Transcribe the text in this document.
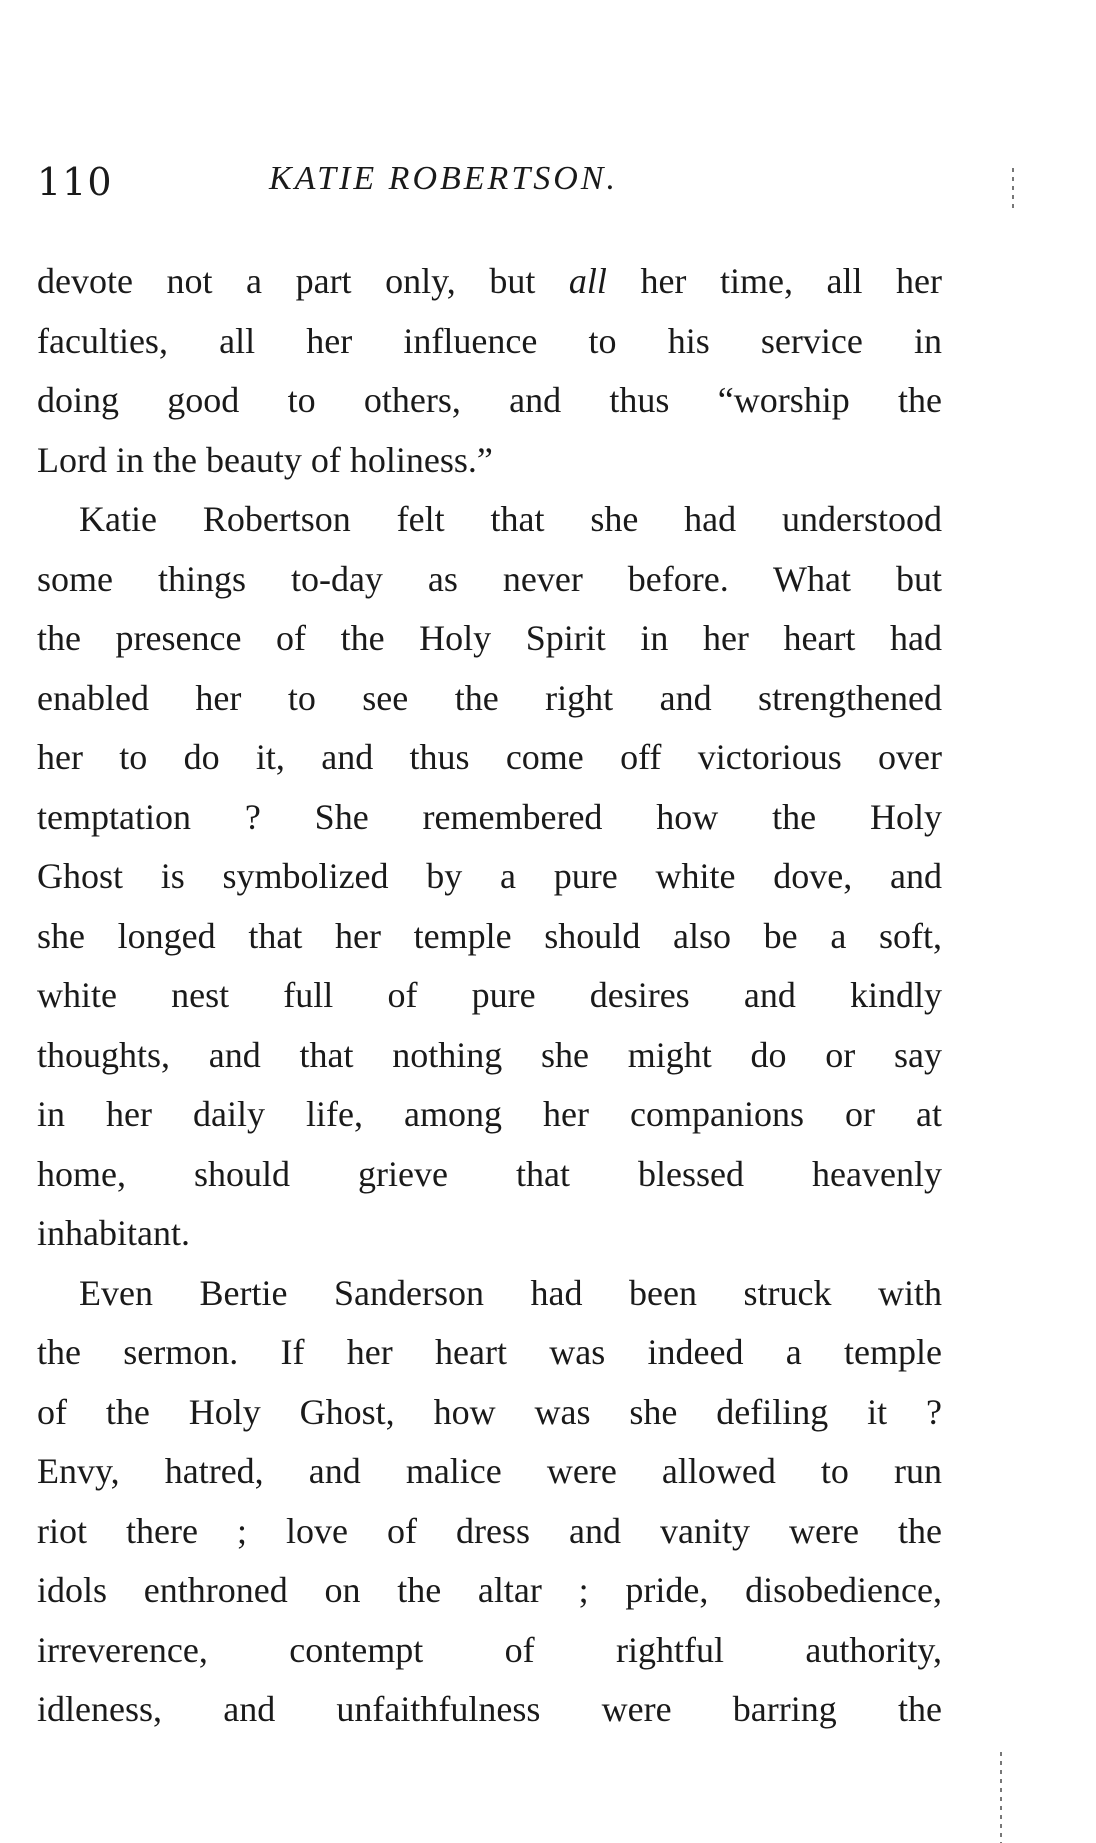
110	KATIE ROBERTSON.

devote not a part only, but all her time, all her
faculties, all her influence to his service in
doing good to others, and thus “worship the
Lord in the beauty of holiness.”

Katie Robertson felt that she had understood
some things to-day as never before. What but
the presence of the Holy Spirit in her heart had
enabled her to see the right and strengthened
her to do it, and thus come off victorious over
temptation ? She remembered how the Holy
Ghost is symbolized by a pure white dove, and
she longed that her temple should also be a soft,
white nest full of pure desires and kindly
thoughts, and that nothing she might do or say
in her daily life, among her companions or at
home, should grieve that blessed heavenly
inhabitant.

Even Bertie Sanderson had been struck with
the sermon. If her heart was indeed a temple
of the Holy Ghost, how was she defiling it ?
Envy, hatred, and malice were allowed to run
riot there ; love of dress and vanity were the
idols enthroned on the altar ; pride, disobedience,
irreverence, contempt of rightful authority,
idleness, and unfaithfulness were barring the
